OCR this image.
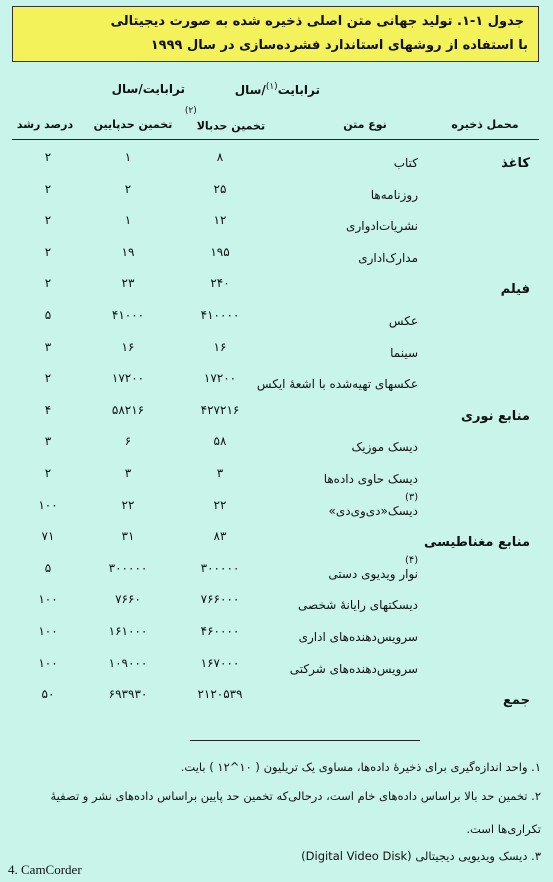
جدول ۱-۱. تولید جهانی متن اصلی ذخیره شده به صورت دیجیتالی
با استفاده از روشهای استاندارد فشرده‌سازی در سال ۱۹۹۹
ترابایت$^{(۱)}$/سال
ترابایت/سال
محمل ذخیره
نوع متن
تخمین حدبالا$^{(۲)}$
تخمین حدپایین
درصد رشد
کاغذ
کتاب
۸
۱
۲
روزنامه‌ها
۲۵
۲
۲
نشریات‌ادواری
۱۲
۱
۲
مدارک‌اداری
۱۹۵
۱۹
۲
فیلم
۲۴۰
۲۳
۲
عکس
۴۱۰۰۰۰
۴۱۰۰۰
۵
سینما
۱۶
۱۶
۳
عکسهای تهیه‌شده با اشعهٔ ایکس
۱۷۲۰۰
۱۷۲۰۰
۲
منابع نوری
۴۲۷۲۱۶
۵۸۲۱۶
۴
دیسک موزیک
۵۸
۶
۳
دیسک حاوی داده‌ها
۳
۳
۲
دیسک«دی‌وی‌دی»
(۳)
۲۲
۲۲
۱۰۰
منابع مغناطیسی
۸۳
۳۱
۷۱
نوار ویدیوی دستی
(۴)
۳۰۰۰۰۰
۳۰۰۰۰۰
۵
دیسکتهای رایانهٔ شخصی
۷۶۶۰۰۰
۷۶۶۰
۱۰۰
سرویس‌دهنده‌های اداری
۴۶۰۰۰۰
۱۶۱۰۰۰
۱۰۰
سرویس‌دهنده‌های شرکتی
۱۶۷۰۰۰
۱۰۹۰۰۰
۱۰۰
جمع
۲۱۲۰۵۳۹
۶۹۳۹۳۰
۵۰
۱. واحد اندازه‌گیری برای ذخیرهٔ داده‌ها، مساوی یک تریلیون ( ۱۰^۱۲ ) بایت.
۲. تخمین حد بالا براساس داده‌های خام است، درحالی‌که تخمین حد پایین براساس داده‌های نشر و تصفیهٔ
تکراری‌ها است.
۳. دیسک ویدیویی دیجیتالی (Digital Video Disk)
4. CamCorder
